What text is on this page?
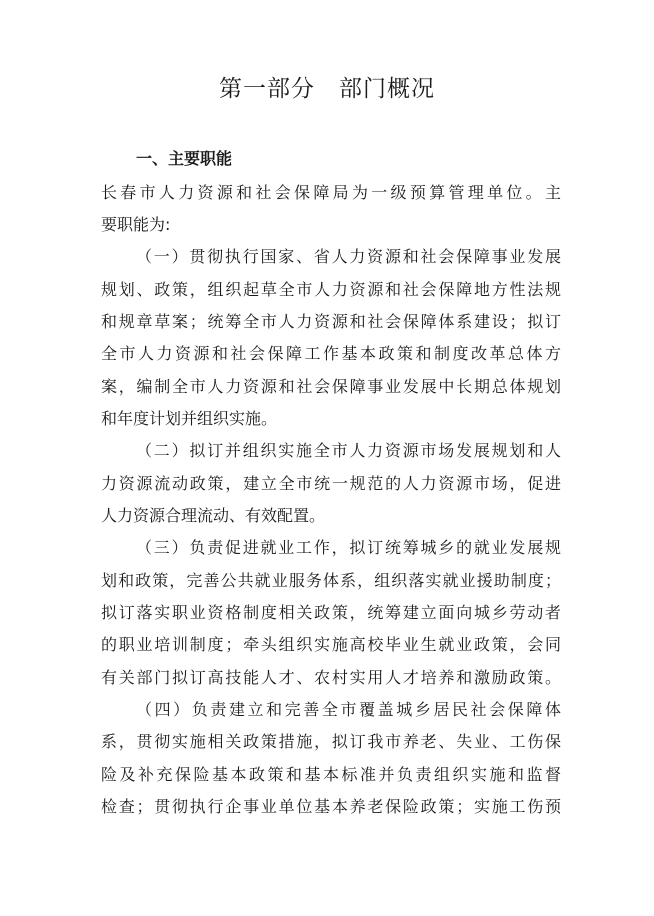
第一部分　部门概况
一、主要职能

长春市人力资源和社会保障局为一级预算管理单位。主

要职能为:

（一）贯彻执行国家、省人力资源和社会保障事业发展

规划、政策，组织起草全市人力资源和社会保障地方性法规

和规章草案；统筹全市人力资源和社会保障体系建设；拟订

全市人力资源和社会保障工作基本政策和制度改革总体方

案，编制全市人力资源和社会保障事业发展中长期总体规划

和年度计划并组织实施。

（二）拟订并组织实施全市人力资源市场发展规划和人

力资源流动政策，建立全市统一规范的人力资源市场，促进

人力资源合理流动、有效配置。

（三）负责促进就业工作，拟订统筹城乡的就业发展规

划和政策，完善公共就业服务体系，组织落实就业援助制度；

拟订落实职业资格制度相关政策，统筹建立面向城乡劳动者

的职业培训制度；牵头组织实施高校毕业生就业政策，会同

有关部门拟订高技能人才、农村实用人才培养和激励政策。

（四）负责建立和完善全市覆盖城乡居民社会保障体

系，贯彻实施相关政策措施，拟订我市养老、失业、工伤保

险及补充保险基本政策和基本标准并负责组织实施和监督

检查；贯彻执行企事业单位基本养老保险政策；实施工伤预
